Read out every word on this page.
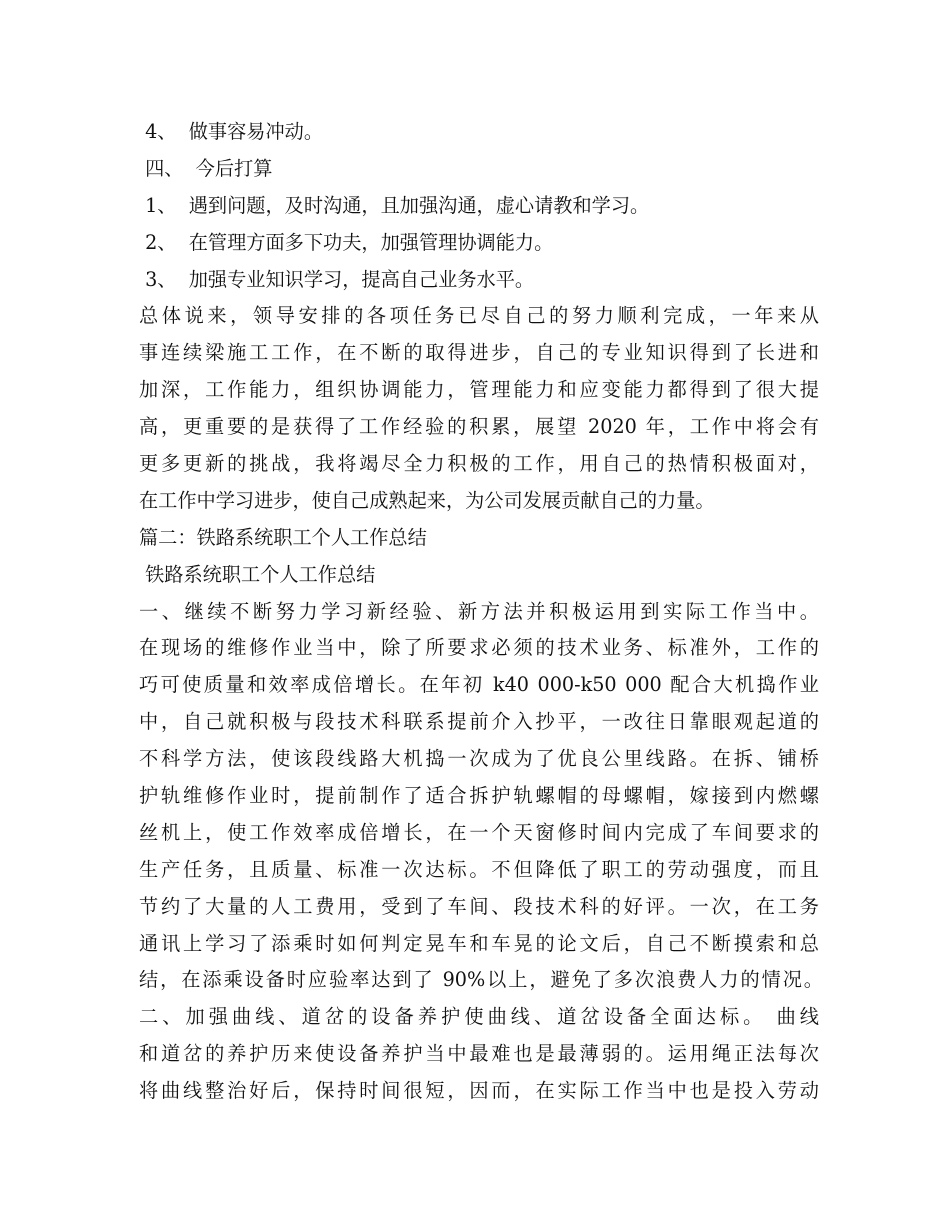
4、  做事容易冲动。
四、  今后打算
1、  遇到问题，及时沟通，且加强沟通，虚心请教和学习。
2、  在管理方面多下功夫，加强管理协调能力。
3、  加强专业知识学习，提高自己业务水平。
总体说来，领导安排的各项任务已尽自己的努力顺利完成，一年来从
事连续梁施工工作，在不断的取得进步，自己的专业知识得到了长进和
加深，工作能力，组织协调能力，管理能力和应变能力都得到了很大提
高，更重要的是获得了工作经验的积累，展望 2020 年，工作中将会有
更多更新的挑战，我将竭尽全力积极的工作，用自己的热情积极面对，
在工作中学习进步，使自己成熟起来，为公司发展贡献自己的力量。
篇二：铁路系统职工个人工作总结
铁路系统职工个人工作总结
一、继续不断努力学习新经验、新方法并积极运用到实际工作当中。
在现场的维修作业当中，除了所要求必须的技术业务、标准外，工作的
巧可使质量和效率成倍增长。在年初 k40 000-k50 000 配合大机捣作业
中，自己就积极与段技术科联系提前介入抄平，一改往日靠眼观起道的
不科学方法，使该段线路大机捣一次成为了优良公里线路。在拆、铺桥
护轨维修作业时，提前制作了适合拆护轨螺帽的母螺帽，嫁接到内燃螺
丝机上，使工作效率成倍增长，在一个天窗修时间内完成了车间要求的
生产任务，且质量、标准一次达标。不但降低了职工的劳动强度，而且
节约了大量的人工费用，受到了车间、段技术科的好评。一次，在工务
通讯上学习了添乘时如何判定晃车和车晃的论文后，自己不断摸索和总
结，在添乘设备时应验率达到了 90%以上，避免了多次浪费人力的情况。
二、加强曲线、道岔的设备养护使曲线、道岔设备全面达标。 曲线
和道岔的养护历来使设备养护当中最难也是最薄弱的。运用绳正法每次
将曲线整治好后，保持时间很短，因而，在实际工作当中也是投入劳动
